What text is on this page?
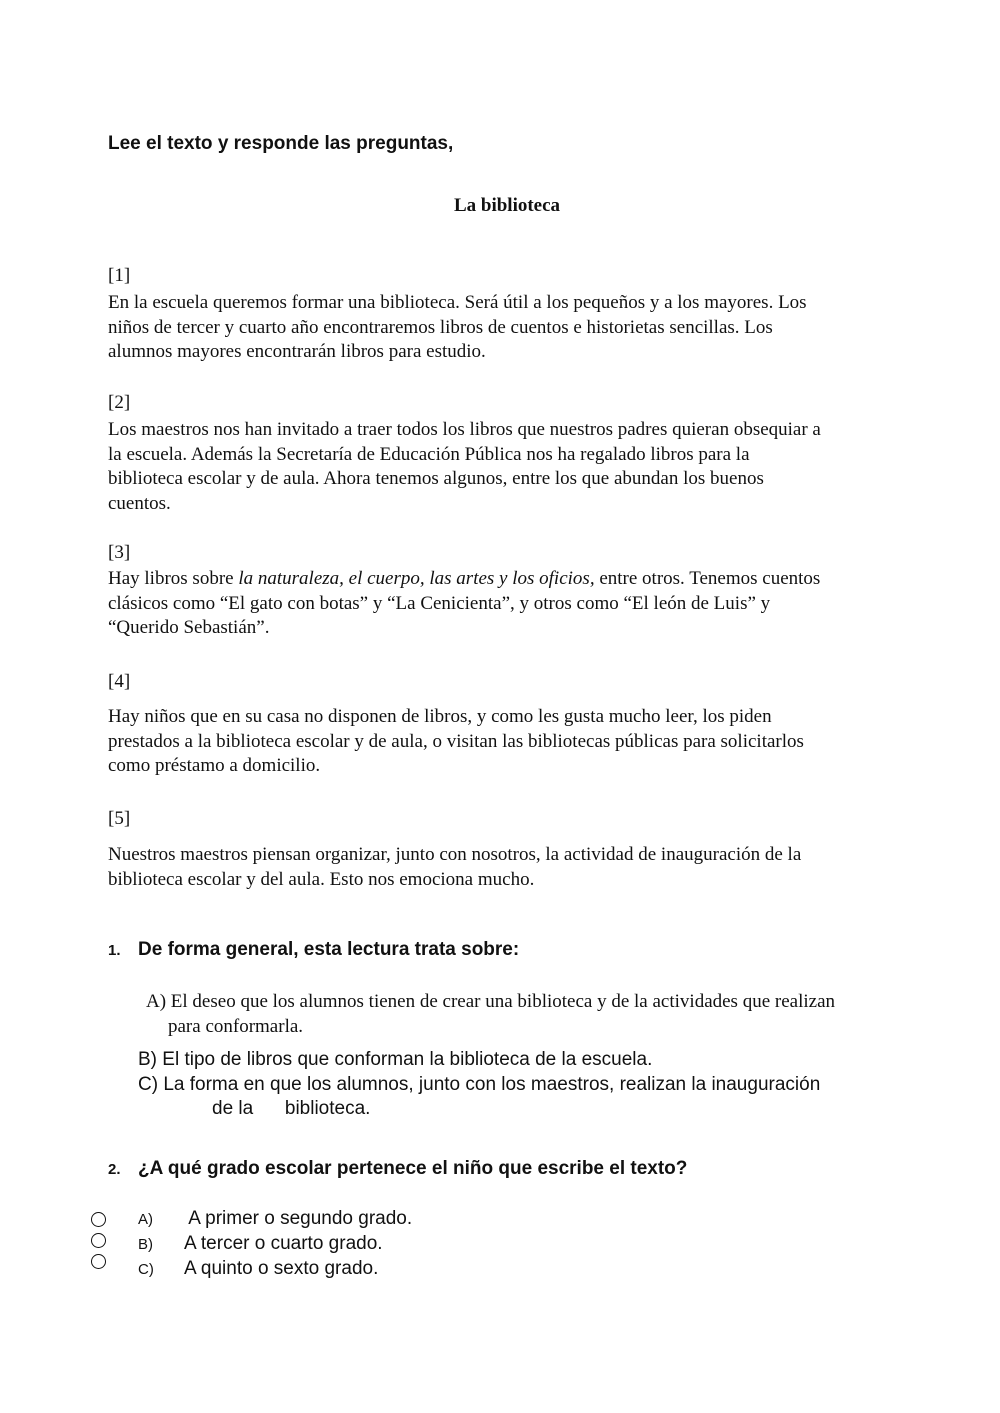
Lee el texto y responde las preguntas,
La biblioteca
[1]
En la escuela queremos formar una biblioteca. Será útil a los pequeños y a los mayores. Los
niños de tercer y cuarto año encontraremos libros de cuentos e historietas sencillas. Los
alumnos mayores encontrarán libros para estudio.
[2]
Los maestros nos han invitado a traer todos los libros que nuestros padres quieran obsequiar a
la escuela. Además la Secretaría de Educación Pública nos ha regalado libros para la
biblioteca escolar y de aula. Ahora tenemos algunos, entre los que abundan los buenos
cuentos.
[3]
Hay libros sobre la naturaleza, el cuerpo, las artes y los oficios, entre otros. Tenemos cuentos
clásicos como “El gato con botas” y “La Cenicienta”, y otros como “El león de Luis” y
“Querido Sebastián”.
[4]
Hay niños que en su casa no disponen de libros, y como les gusta mucho leer, los piden
prestados a la biblioteca escolar y de aula, o visitan las bibliotecas públicas para solicitarlos
como préstamo a domicilio.
[5]
Nuestros maestros piensan organizar, junto con nosotros, la actividad de inauguración de la
biblioteca escolar y del aula. Esto nos emociona mucho.
1. De forma general, esta lectura trata sobre:
A) El deseo que los alumnos tienen de crear una biblioteca y de la actividades que realizan
para conformarla.
B) El tipo de libros que conforman la biblioteca de la escuela.
C) La forma en que los alumnos, junto con los maestros, realizan la inauguración
de la      biblioteca.
2. ¿A qué grado escolar pertenece el niño que escribe el texto?
A) A primer o segundo grado.
B) A tercer o cuarto grado.
C) A quinto o sexto grado.
